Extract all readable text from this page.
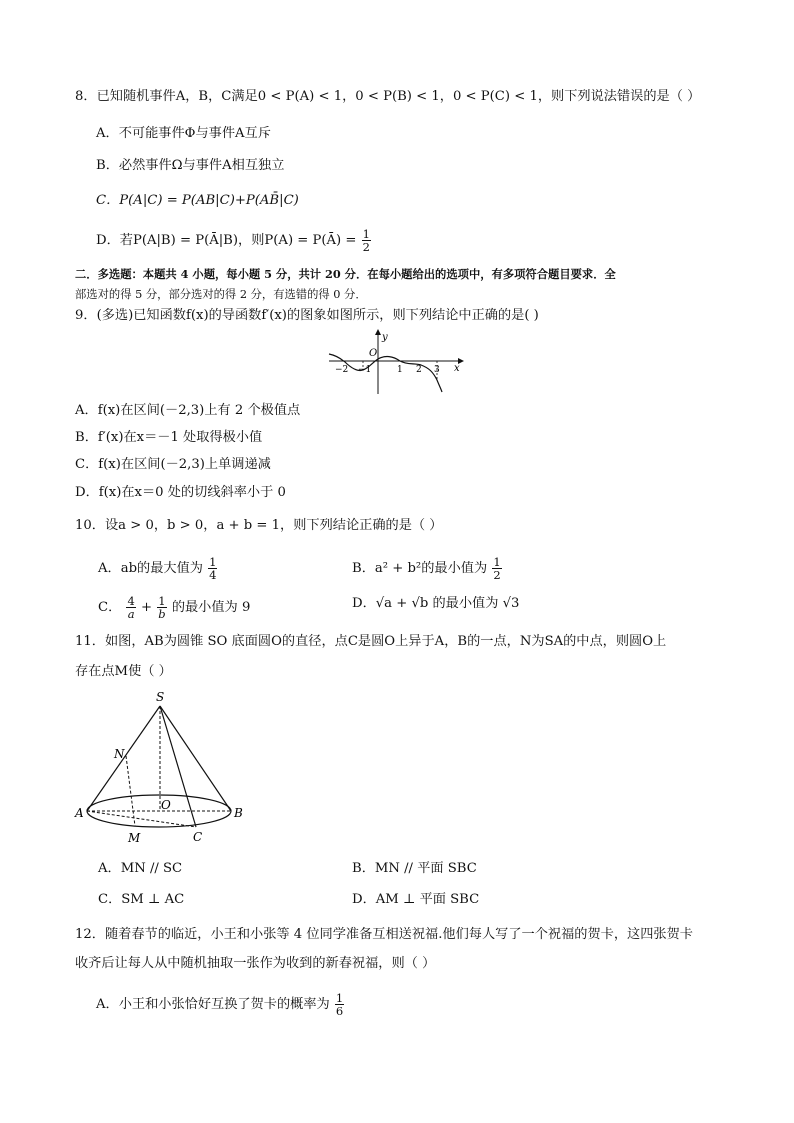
8．已知随机事件A，B，C满足0 < P(A) < 1，0 < P(B) < 1，0 < P(C) < 1，则下列说法错误的是（ ）
A．不可能事件Φ与事件A互斥
B．必然事件Ω与事件A相互独立
C．P(A|C) = P(AB|C)+P(AB̄|C)
D．若P(A|B) = P(Ā|B)，则P(A) = P(Ā) = $\frac{1}{2}$
二．多选题：本题共 4 小题，每小题 5 分，共计 20 分．在每小题给出的选项中，有多项符合题目要求．全
部选对的得 5 分，部分选对的得 2 分，有选错的得 0 分．
9．(多选)已知函数f(x)的导函数f′(x)的图象如图所示，则下列结论中正确的是( )
y
x
O
−2 −1	1 2 3
A．f(x)在区间(－2,3)上有 2 个极值点
B．f′(x)在x＝－1 处取得极小值
C．f(x)在区间(－2,3)上单调递减
D．f(x)在x＝0 处的切线斜率小于 0
10．设a > 0，b > 0，a + b = 1，则下列结论正确的是（ ）
A．ab的最大值为 $\frac{1}{4}$	B．a² + b²的最小值为 $\frac{1}{2}$
C． $\frac{4}{a} + \frac{1}{b}$ 的最小值为 9	D．√a + √b 的最小值为 √3
11．如图，AB为圆锥 SO 底面圆O的直径，点C是圆O上异于A，B的一点，N为SA的中点，则圆O上
存在点M使（ ）
S
N
O
A	B
M	C
A．MN // SC	B．MN // 平面 SBC
C．SM ⊥ AC	D．AM ⊥ 平面 SBC
12．随着春节的临近，小王和小张等 4 位同学准备互相送祝福.他们每人写了一个祝福的贺卡，这四张贺卡
收齐后让每人从中随机抽取一张作为收到的新春祝福，则（ ）
A．小王和小张恰好互换了贺卡的概率为 $\frac{1}{6}$
